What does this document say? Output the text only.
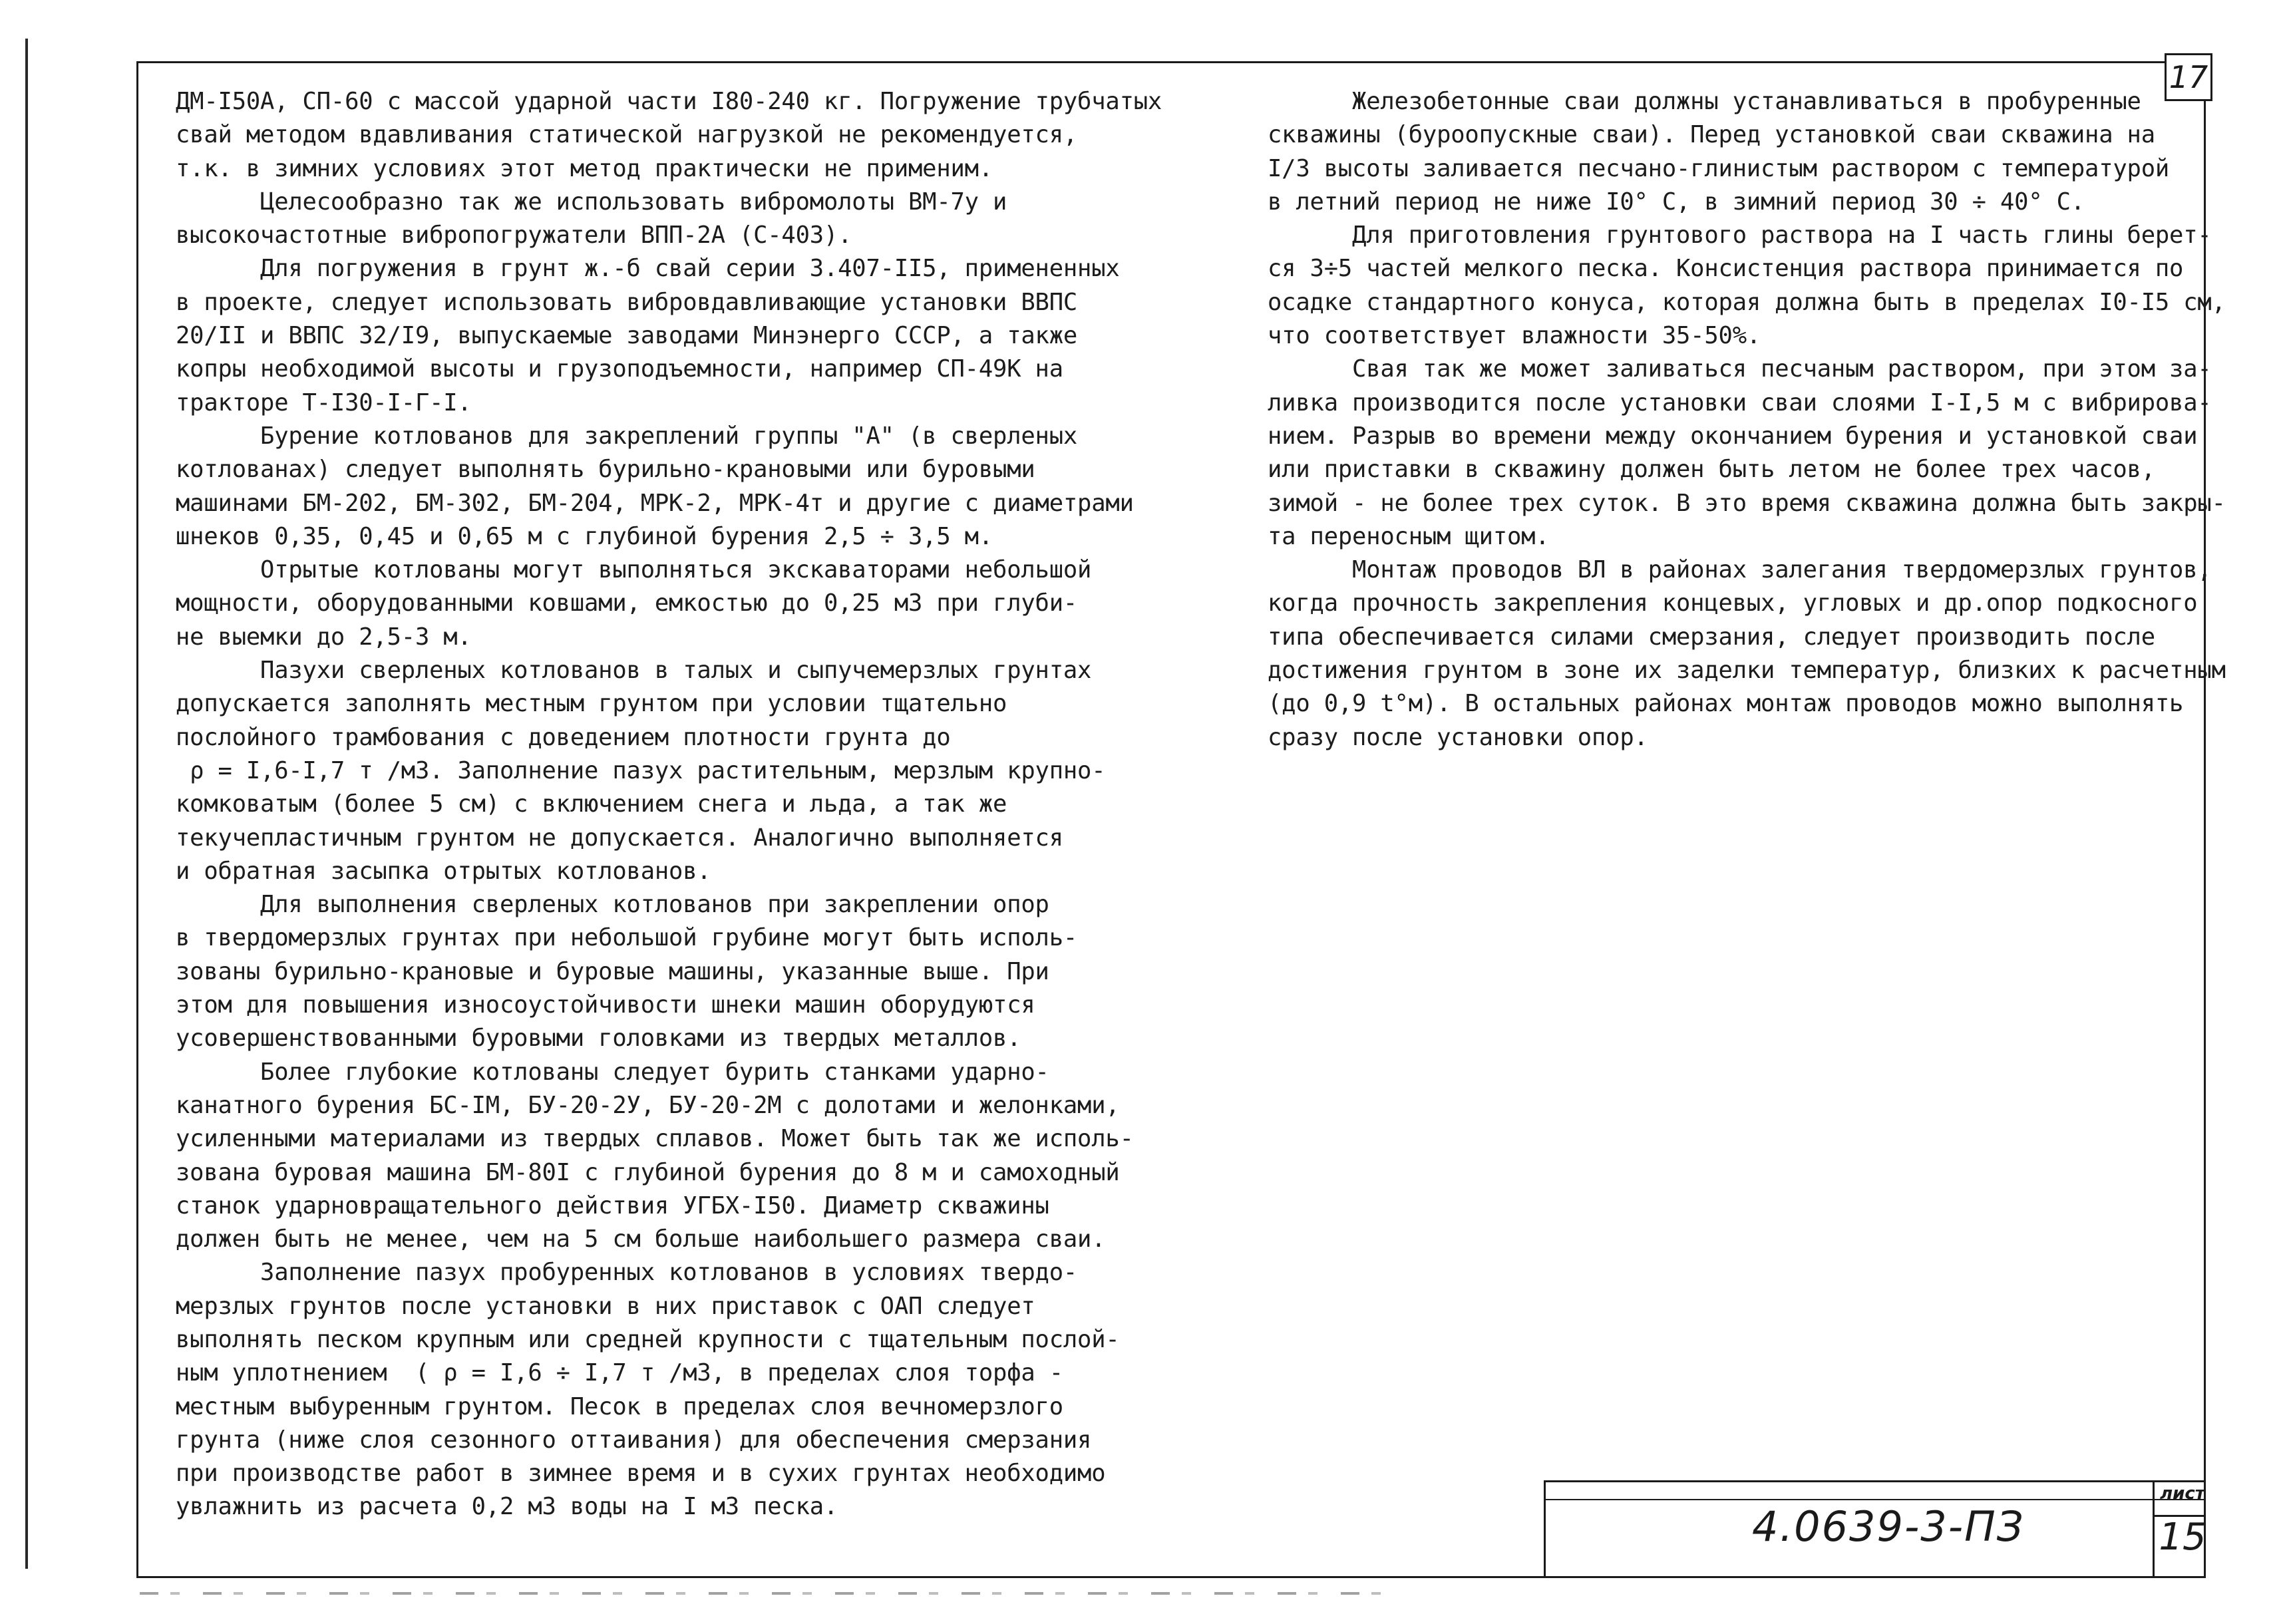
17
ДМ-I50А, СП-60 с массой ударной части I80-240 кг. Погружение трубчатых
свай методом вдавливания статической нагрузкой не рекомендуется,
т.к. в зимних условиях этот метод практически не применим.
Целесообразно так же использовать вибромолоты ВМ-7у и
высокочастотные вибропогружатели ВПП-2А (С-403).
Для погружения в грунт ж.-б свай серии 3.407-II5, примененных
в проекте, следует использовать вибровдавливающие установки ВВПС
20/II и ВВПС 32/I9, выпускаемые заводами Минэнерго СССР, а также
копры необходимой высоты и грузоподъемности, например СП-49К на
тракторе Т-I30-I-Г-I.
Бурение котлованов для закреплений группы "А" (в сверленых
котлованах) следует выполнять бурильно-крановыми или буровыми
машинами БМ-202, БМ-302, БМ-204, МРК-2, МРК-4т и другие с диаметрами
шнеков 0,35, 0,45 и 0,65 м с глубиной бурения 2,5 ÷ 3,5 м.
Отрытые котлованы могут выполняться экскаваторами небольшой
мощности, оборудованными ковшами, емкостью до 0,25 м3 при глуби-
не выемки до 2,5-3 м.
Пазухи сверленых котлованов в талых и сыпучемерзлых грунтах
допускается заполнять местным грунтом при условии тщательно
послойного трамбования с доведением плотности грунта до
ρ = I,6-I,7 т /м3. Заполнение пазух растительным, мерзлым крупно-
комковатым (более 5 см) с включением снега и льда, а так же
текучепластичным грунтом не допускается. Аналогично выполняется
и обратная засыпка отрытых котлованов.
Для выполнения сверленых котлованов при закреплении опор
в твердомерзлых грунтах при небольшой грубине могут быть исполь-
зованы бурильно-крановые и буровые машины, указанные выше. При
этом для повышения износоустойчивости шнеки машин оборудуются
усовершенствованными буровыми головками из твердых металлов.
Более глубокие котлованы следует бурить станками ударно-
канатного бурения БС-IМ, БУ-20-2У, БУ-20-2М с долотами и желонками,
усиленными материалами из твердых сплавов. Может быть так же исполь-
зована буровая машина БМ-80I с глубиной бурения до 8 м и самоходный
станок ударновращательного действия УГБХ-I50. Диаметр скважины
должен быть не менее, чем на 5 см больше наибольшего размера сваи.
Заполнение пазух пробуренных котлованов в условиях твердо-
мерзлых грунтов после установки в них приставок с ОАП следует
выполнять песком крупным или средней крупности с тщательным послой-
ным уплотнением  ( ρ = I,6 ÷ I,7 т /м3, в пределах слоя торфа -
местным выбуренным грунтом. Песок в пределах слоя вечномерзлого
грунта (ниже слоя сезонного оттаивания) для обеспечения смерзания
при производстве работ в зимнее время и в сухих грунтах необходимо
увлажнить из расчета 0,2 м3 воды на I м3 песка.
Железобетонные сваи должны устанавливаться в пробуренные
скважины (буроопускные сваи). Перед установкой сваи скважина на
I/3 высоты заливается песчано-глинистым раствором с температурой
в летний период не ниже I0° С, в зимний период 30 ÷ 40° С.
Для приготовления грунтового раствора на I часть глины берет-
ся 3÷5 частей мелкого песка. Консистенция раствора принимается по
осадке стандартного конуса, которая должна быть в пределах I0-I5 см,
что соответствует влажности 35-50%.
Свая так же может заливаться песчаным раствором, при этом за-
ливка производится после установки сваи слоями I-I,5 м с вибрирова-
нием. Разрыв во времени между окончанием бурения и установкой сваи
или приставки в скважину должен быть летом не более трех часов,
зимой - не более трех суток. В это время скважина должна быть закры-
та переносным щитом.
Монтаж проводов ВЛ в районах залегания твердомерзлых грунтов,
когда прочность закрепления концевых, угловых и др.опор подкосного
типа обеспечивается силами смерзания, следует производить после
достижения грунтом в зоне их заделки температур, близких к расчетным
(до 0,9 t°м). В остальных районах монтаж проводов можно выполнять
сразу после установки опор.
4.0639-3-ПЗ
лист
15
